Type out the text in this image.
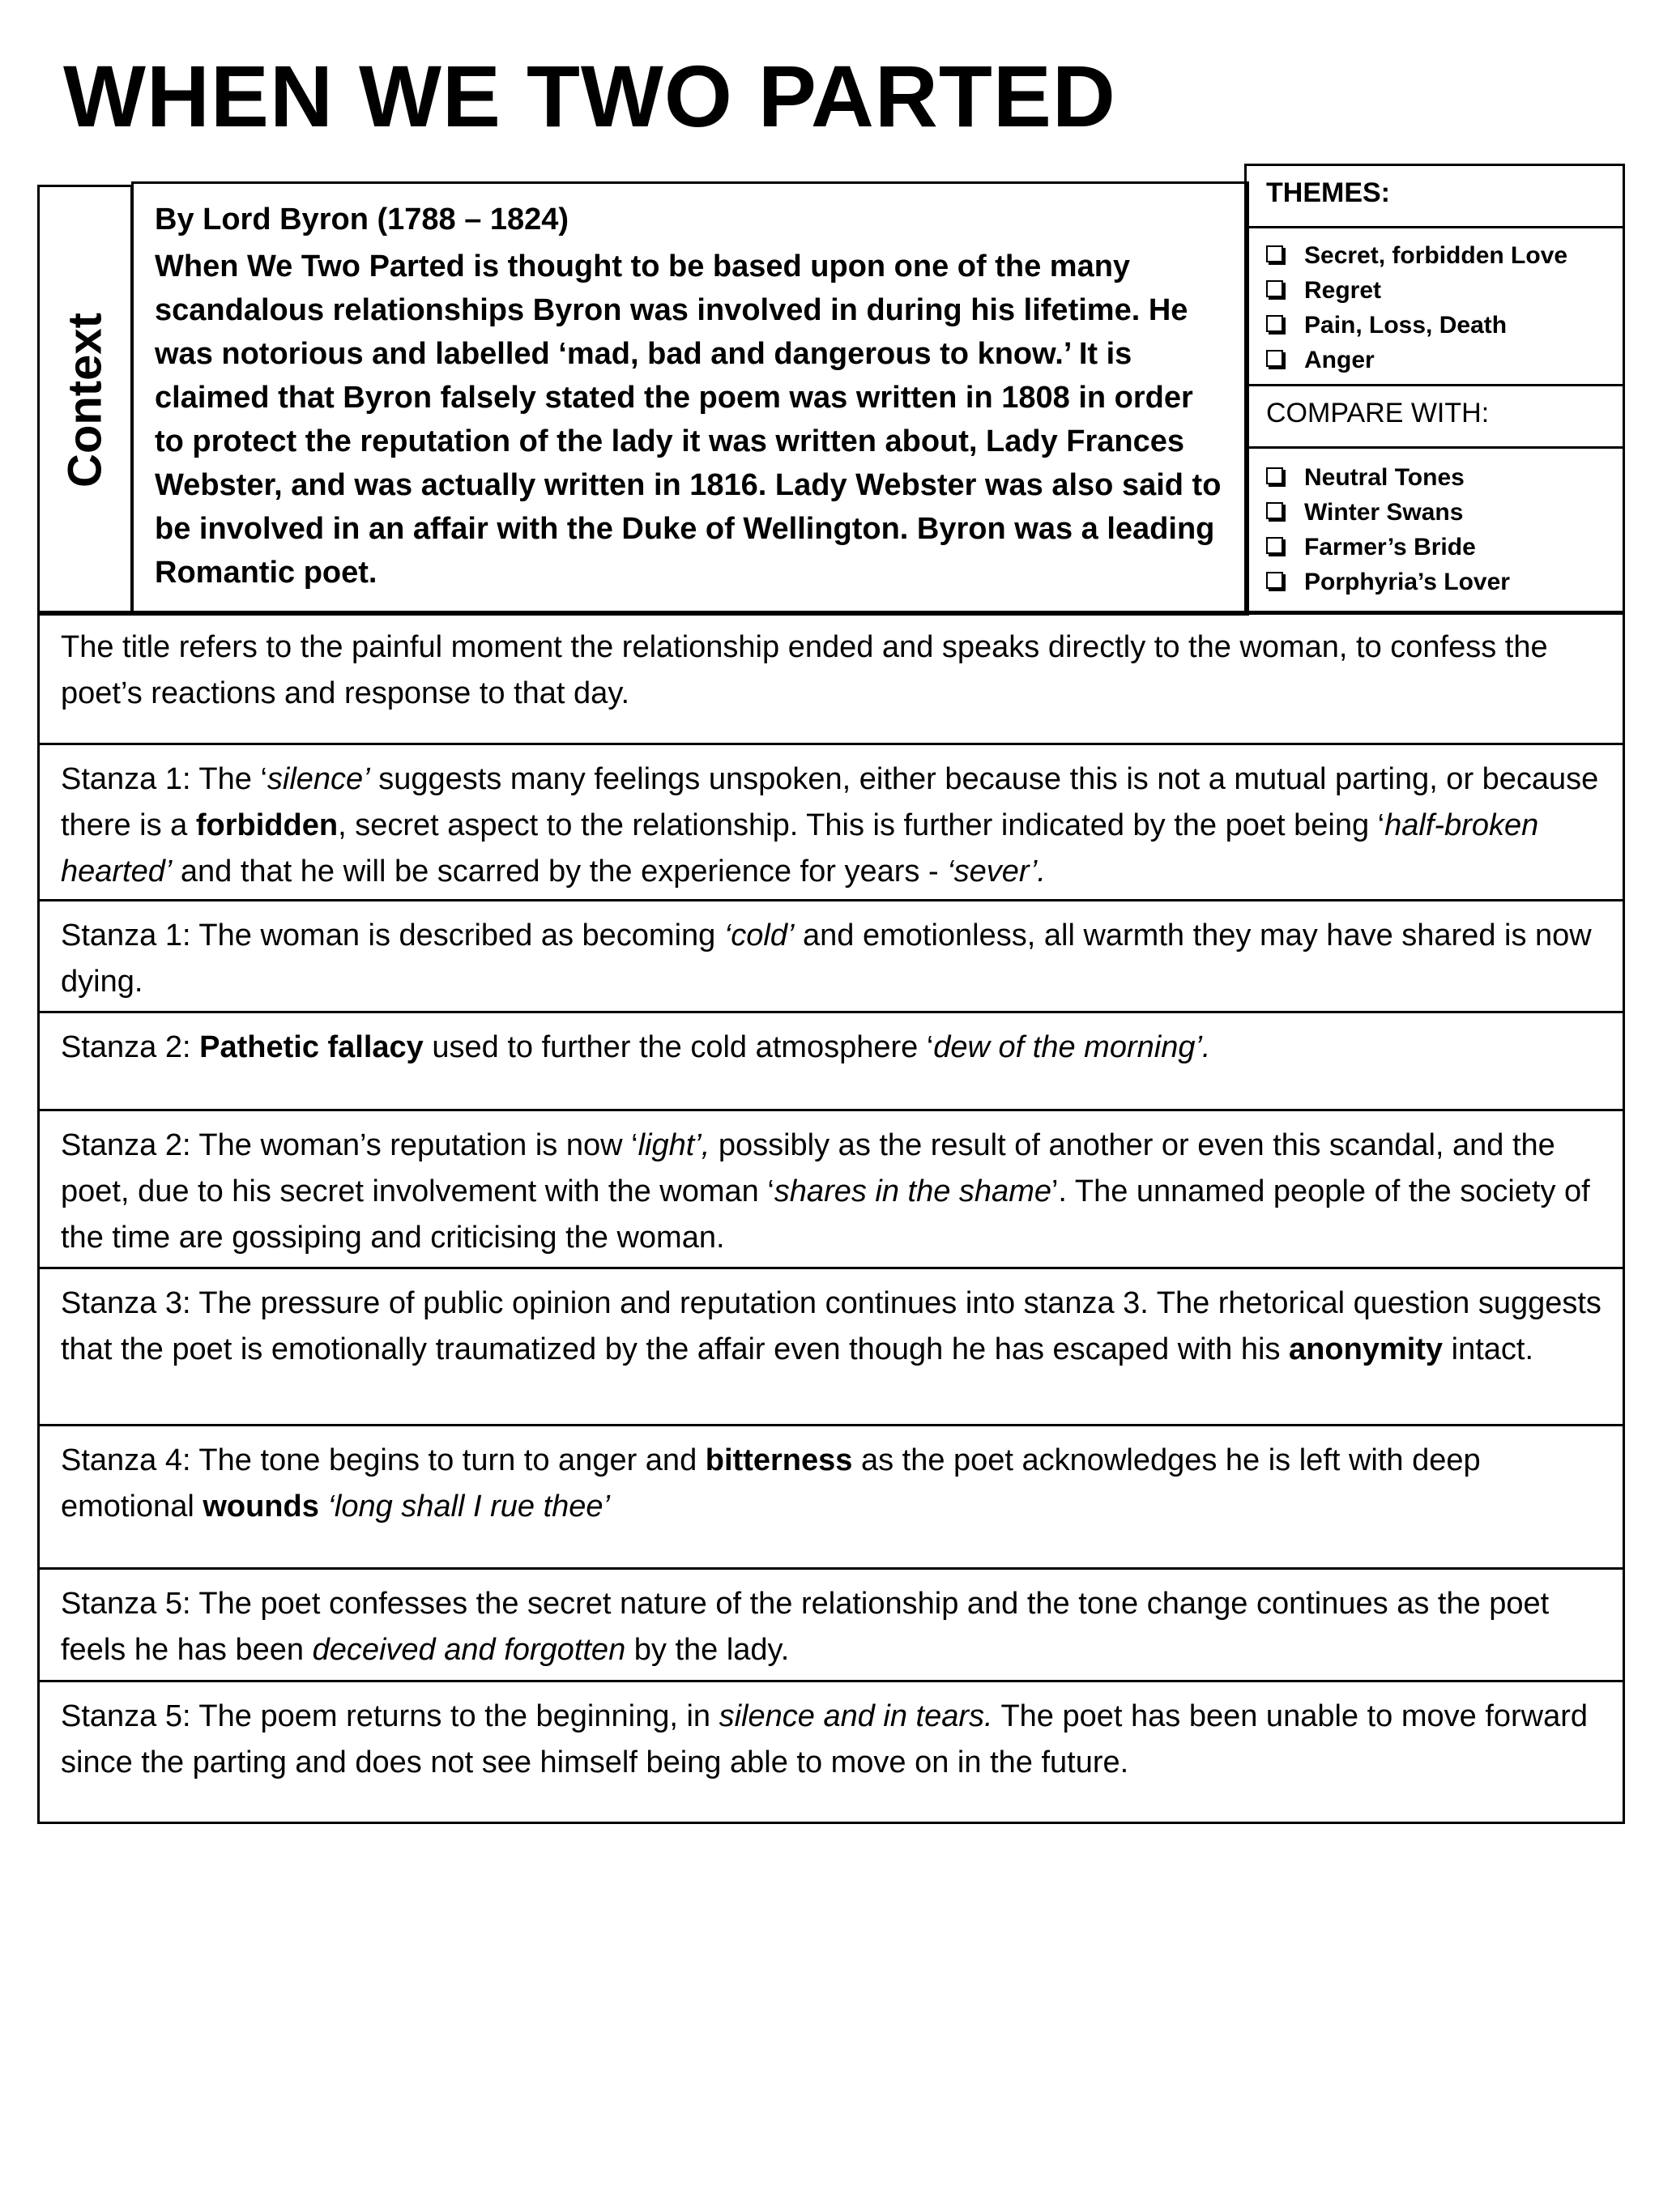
WHEN WE TWO PARTED
Context

By Lord Byron (1788 – 1824)

When We Two Parted is thought to be based upon one of the many scandalous relationships Byron was involved in during his lifetime. He was notorious and labelled ‘mad, bad and dangerous to know.’ It is claimed that Byron falsely stated the poem was written in 1808 in order to protect the reputation of the lady it was written about, Lady Frances Webster, and was actually written in 1816. Lady Webster was also said to be involved in an affair with the Duke of Wellington. Byron was a leading Romantic poet.

THEMES:
Secret, forbidden Love
Regret
Pain, Loss, Death
Anger
COMPARE WITH:
Neutral Tones
Winter Swans
Farmer’s Bride
Porphyria’s Lover

The title refers to the painful moment the relationship ended and speaks directly to the woman, to confess the poet’s reactions and response to that day.

Stanza 1: The ‘silence’ suggests many feelings unspoken, either because this is not a mutual parting, or because there is a forbidden, secret aspect to the relationship. This is further indicated by the poet being ‘half-broken hearted’ and that he will be scarred by the experience for years - ‘sever’.

Stanza 1: The woman is described as becoming ‘cold’ and emotionless, all warmth they may have shared is now dying.

Stanza 2: Pathetic fallacy used to further the cold atmosphere ‘dew of the morning’.

Stanza 2: The woman’s reputation is now ‘light’, possibly as the result of another or even this scandal, and the poet, due to his secret involvement with the woman ‘shares in the shame’. The unnamed people of the society of the time are gossiping and criticising the woman.

Stanza 3: The pressure of public opinion and reputation continues into stanza 3. The rhetorical question suggests that the poet is emotionally traumatized by the affair even though he has escaped with his anonymity intact.

Stanza 4: The tone begins to turn to anger and bitterness as the poet acknowledges he is left with deep emotional wounds ‘long shall I rue thee’

Stanza 5: The poet confesses the secret nature of the relationship and the tone change continues as the poet feels he has been deceived and forgotten by the lady.

Stanza 5: The poem returns to the beginning, in silence and in tears. The poet has been unable to move forward since the parting and does not see himself being able to move on in the future.
